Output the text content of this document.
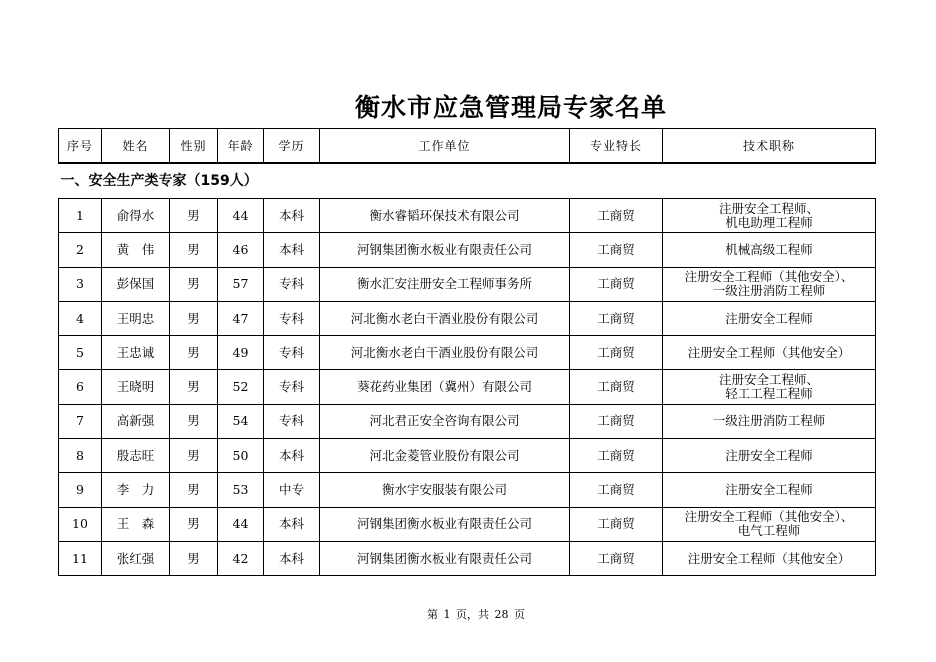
衡水市应急管理局专家名单
序号	姓名	性别	年龄	学历	工作单位	专业特长	技术职称
一、安全生产类专家（159人）							
1	俞得水	男	44	本科	衡水睿韬环保技术有限公司	工商贸	注册安全工程师、
机电助理工程师

2	黄　伟	男	46	本科	河钢集团衡水板业有限责任公司	工商贸	机械高级工程师

3	彭保国	男	57	专科	衡水汇安注册安全工程师事务所	工商贸	注册安全工程师（其他安全）、
一级注册消防工程师

4	王明忠	男	47	专科	河北衡水老白干酒业股份有限公司	工商贸	注册安全工程师

5	王忠诚	男	49	专科	河北衡水老白干酒业股份有限公司	工商贸	注册安全工程师（其他安全）

6	王晓明	男	52	专科	葵花药业集团（冀州）有限公司	工商贸	注册安全工程师、
轻工工程工程师

7	高新强	男	54	专科	河北君正安全咨询有限公司	工商贸	一级注册消防工程师

8	殷志旺	男	50	本科	河北金菱管业股份有限公司	工商贸	注册安全工程师

9	李　力	男	53	中专	衡水宇安服装有限公司	工商贸	注册安全工程师

10	王　森	男	44	本科	河钢集团衡水板业有限责任公司	工商贸	注册安全工程师（其他安全）、
电气工程师

11	张红强	男	42	本科	河钢集团衡水板业有限责任公司	工商贸	注册安全工程师（其他安全）
第 1 页，共 28 页
